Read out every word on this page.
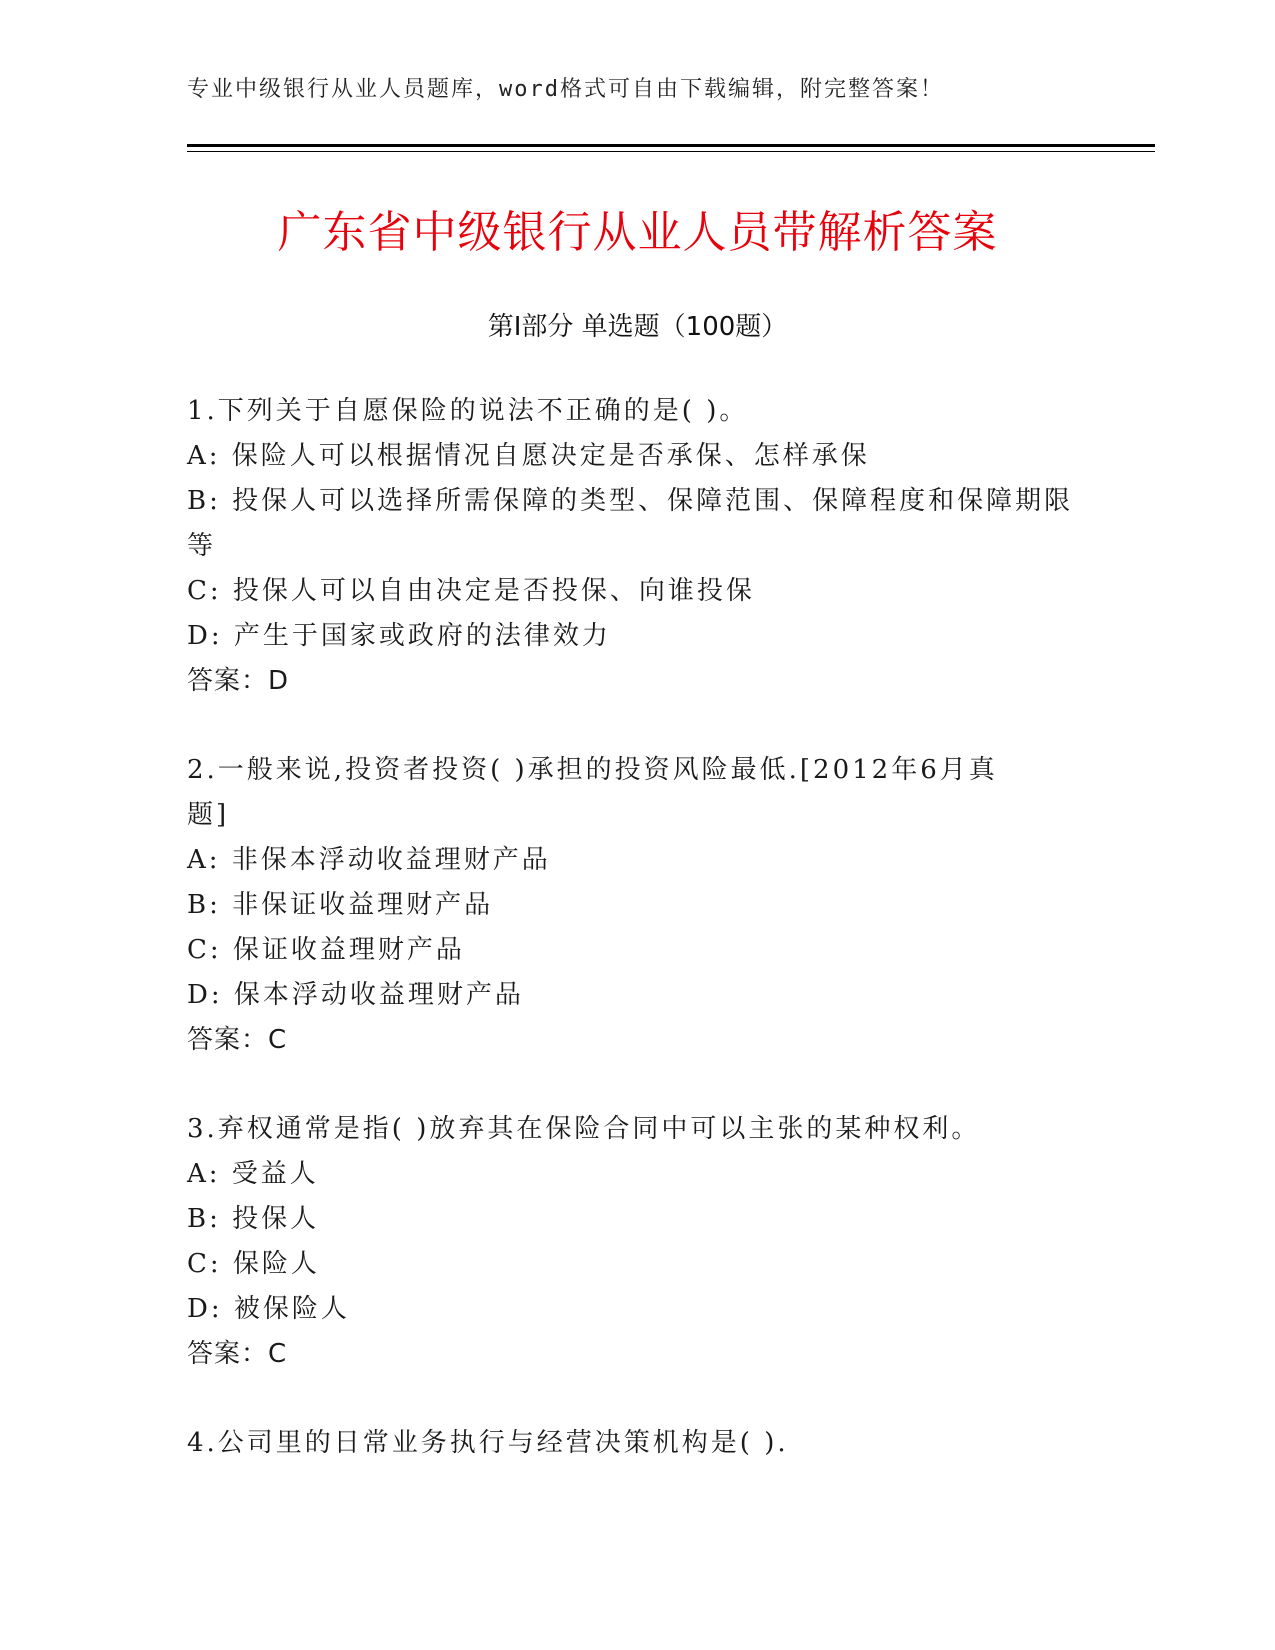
专业中级银行从业人员题库，word格式可自由下载编辑，附完整答案！
广东省中级银行从业人员带解析答案
第Ⅰ部分 单选题（100题）
1.下列关于自愿保险的说法不正确的是( )。
A: 保险人可以根据情况自愿决定是否承保、怎样承保
B: 投保人可以选择所需保障的类型、保障范围、保障程度和保障期限
等
C: 投保人可以自由决定是否投保、向谁投保
D: 产生于国家或政府的法律效力
答案：D
2.一般来说,投资者投资( )承担的投资风险最低.[2012年6月真
题]
A: 非保本浮动收益理财产品
B: 非保证收益理财产品
C: 保证收益理财产品
D: 保本浮动收益理财产品
答案：C
3.弃权通常是指( )放弃其在保险合同中可以主张的某种权利。
A: 受益人
B: 投保人
C: 保险人
D: 被保险人
答案：C
4.公司里的日常业务执行与经营决策机构是( ).
